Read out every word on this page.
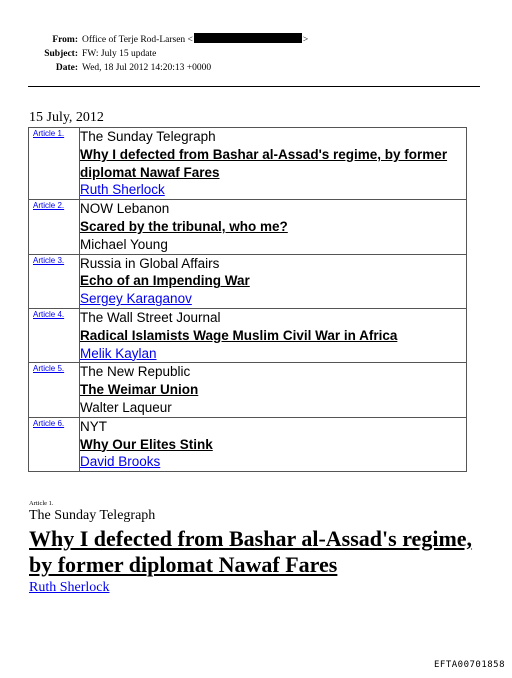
From: Office of Terje Rod-Larsen <	>
Subject: FW: July 15 update
Date: Wed, 18 Jul 2012 14:20:13 +0000
15 July, 2012
Article 1.	The Sunday Telegraph
Why I defected from Bashar al-Assad's regime, by former diplomat Nawaf Fares
Ruth Sherlock

Article 2.	NOW Lebanon
Scared by the tribunal, who me?
Michael Young

Article 3.	Russia in Global Affairs
Echo of an Impending War
Sergey Karaganov

Article 4.	The Wall Street Journal
Radical Islamists Wage Muslim Civil War in Africa
Melik Kaylan

Article 5.	The New Republic
The Weimar Union
Walter Laqueur

Article 6.	NYT
Why Our Elites Stink
David Brooks
Article 1.
The Sunday Telegraph
Why I defected from Bashar al-Assad's regime, by former diplomat Nawaf Fares
Ruth Sherlock
EFTA00701858
